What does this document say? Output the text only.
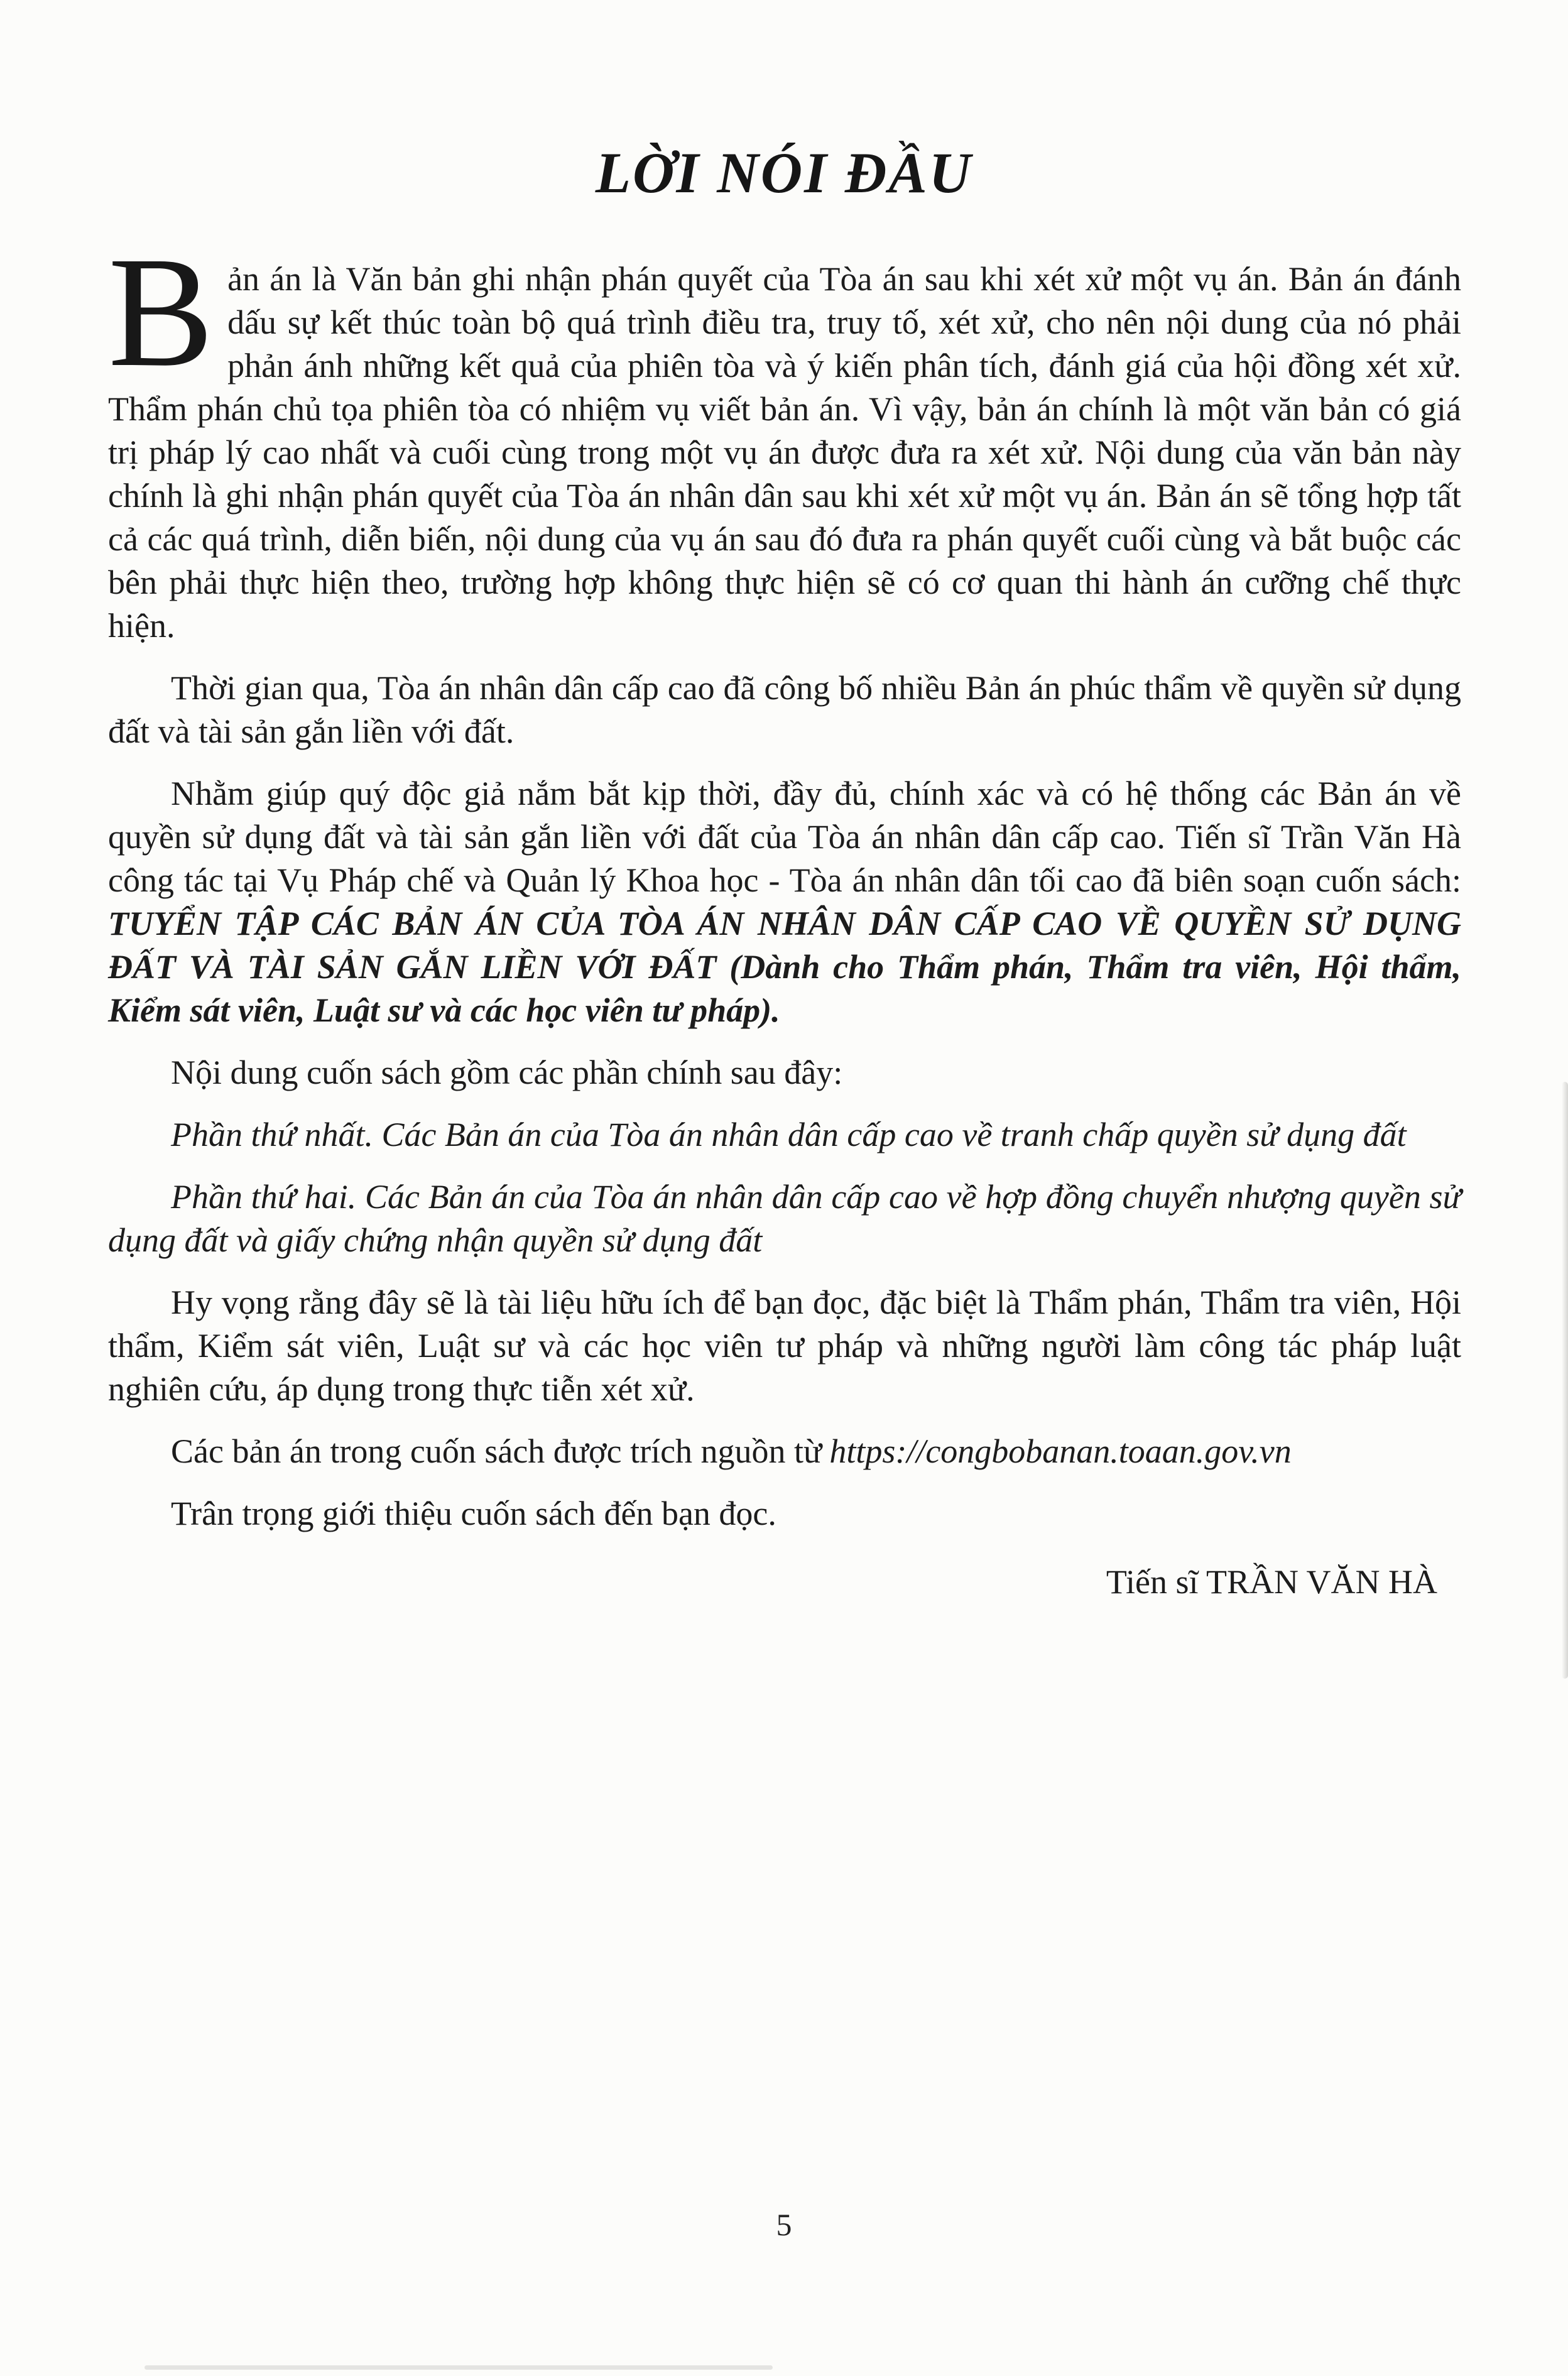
LỜI NÓI ĐẦU

Bản án là Văn bản ghi nhận phán quyết của Tòa án sau khi xét xử một vụ án. Bản án đánh dấu sự kết thúc toàn bộ quá trình điều tra, truy tố, xét xử, cho nên nội dung của nó phải phản ánh những kết quả của phiên tòa và ý kiến phân tích, đánh giá của hội đồng xét xử. Thẩm phán chủ tọa phiên tòa có nhiệm vụ viết bản án. Vì vậy, bản án chính là một văn bản có giá trị pháp lý cao nhất và cuối cùng trong một vụ án được đưa ra xét xử. Nội dung của văn bản này chính là ghi nhận phán quyết của Tòa án nhân dân sau khi xét xử một vụ án. Bản án sẽ tổng hợp tất cả các quá trình, diễn biến, nội dung của vụ án sau đó đưa ra phán quyết cuối cùng và bắt buộc các bên phải thực hiện theo, trường hợp không thực hiện sẽ có cơ quan thi hành án cưỡng chế thực hiện.

Thời gian qua, Tòa án nhân dân cấp cao đã công bố nhiều Bản án phúc thẩm về quyền sử dụng đất và tài sản gắn liền với đất.

Nhằm giúp quý độc giả nắm bắt kịp thời, đầy đủ, chính xác và có hệ thống các Bản án về quyền sử dụng đất và tài sản gắn liền với đất của Tòa án nhân dân cấp cao. Tiến sĩ Trần Văn Hà công tác tại Vụ Pháp chế và Quản lý Khoa học - Tòa án nhân dân tối cao đã biên soạn cuốn sách: TUYỂN TẬP CÁC BẢN ÁN CỦA TÒA ÁN NHÂN DÂN CẤP CAO VỀ QUYỀN SỬ DỤNG ĐẤT VÀ TÀI SẢN GẮN LIỀN VỚI ĐẤT (Dành cho Thẩm phán, Thẩm tra viên, Hội thẩm, Kiểm sát viên, Luật sư và các học viên tư pháp).

Nội dung cuốn sách gồm các phần chính sau đây:

Phần thứ nhất. Các Bản án của Tòa án nhân dân cấp cao về tranh chấp quyền sử dụng đất

Phần thứ hai. Các Bản án của Tòa án nhân dân cấp cao về hợp đồng chuyển nhượng quyền sử dụng đất và giấy chứng nhận quyền sử dụng đất

Hy vọng rằng đây sẽ là tài liệu hữu ích để bạn đọc, đặc biệt là Thẩm phán, Thẩm tra viên, Hội thẩm, Kiểm sát viên, Luật sư và các học viên tư pháp và những người làm công tác pháp luật nghiên cứu, áp dụng trong thực tiễn xét xử.

Các bản án trong cuốn sách được trích nguồn từ https://congbobanan.toaan.gov.vn

Trân trọng giới thiệu cuốn sách đến bạn đọc.

Tiến sĩ TRẦN VĂN HÀ
5
